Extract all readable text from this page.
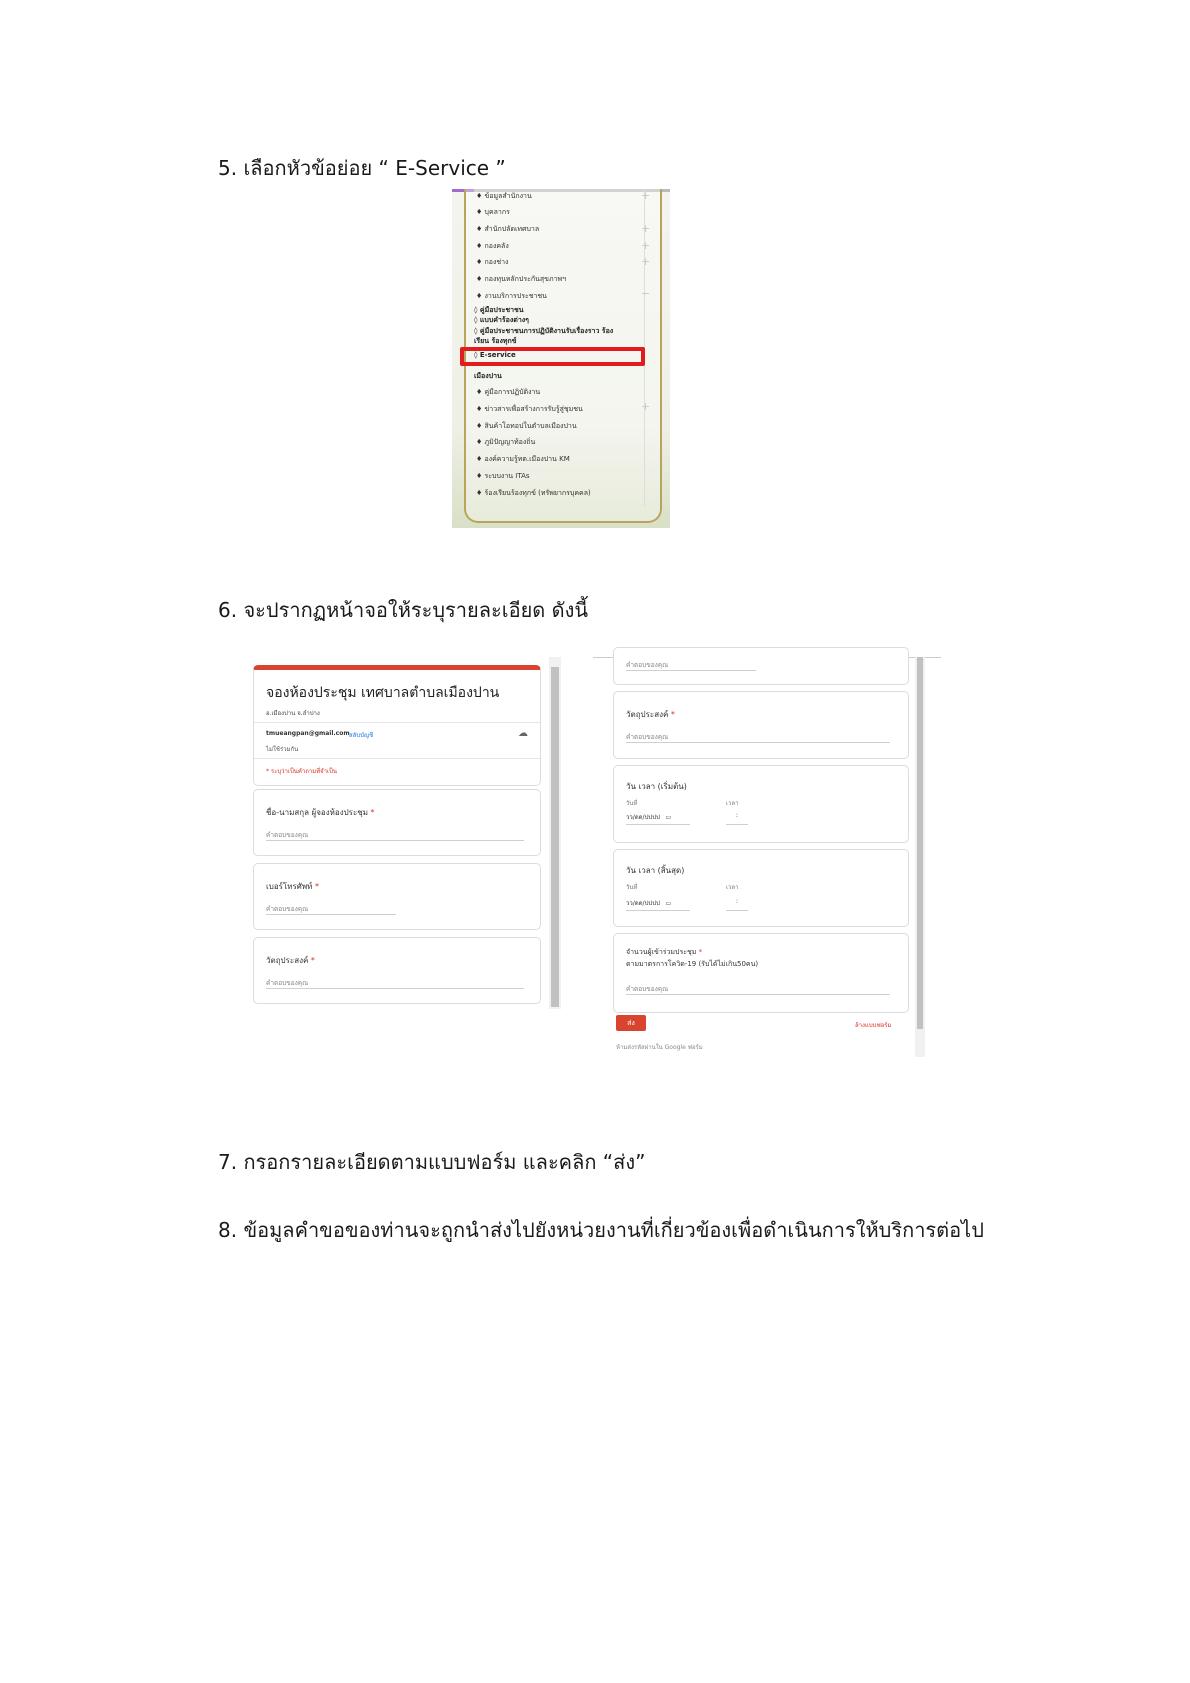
5. เลือกหัวข้อย่อย “ E-Service ”
6. จะปรากฏหน้าจอให้ระบุรายละเอียด ดังนี้
7. กรอกรายละเอียดตามแบบฟอร์ม และคลิก “ส่ง”
8. ข้อมูลคำขอของท่านจะถูกนำส่งไปยังหน่วยงานที่เกี่ยวข้องเพื่อดำเนินการให้บริการต่อไป
♦ ข้อมูลสำนักงาน
♦ บุคลากร
♦ สำนักปลัดเทศบาล
♦ กองคลัง
♦ กองช่าง
♦ กองทุนหลักประกันสุขภาพฯ
♦ งานบริการประชาชน
+
+
+
+
−
◊ คู่มือประชาชน
◊ แบบคำร้องต่างๆ
◊ คู่มือประชาชนการปฏิบัติงานรับเรื่องราว ร้อง
เรียน ร้องทุกข์
◊ E-service
เมืองปาน
♦ คู่มือการปฏิบัติงาน
♦ ข่าวสารเพื่อสร้างการรับรู้สู่ชุมชน	+
♦ สินค้าโอทอปในตำบลเมืองปาน
♦ ภูมิปัญญาท้องถิ่น
♦ องค์ความรู้ทต.เมืองปาน KM
♦ ระบบงาน ITAs
♦ ร้องเรียนร้องทุกข์ (ทรัพยากรบุคคล)
จองห้องประชุม เทศบาลตำบลเมืองปาน
อ.เมืองปาน จ.ลำปาง
tmueangpan@gmail.com สลับบัญชี	☁
ไม่ใช้ร่วมกัน
* ระบุว่าเป็นคำถามที่จำเป็น
ชื่อ-นามสกุล ผู้จองห้องประชุม *
คำตอบของคุณ
เบอร์โทรศัพท์ *
คำตอบของคุณ
วัตถุประสงค์ *
คำตอบของคุณ
คำตอบของคุณ
วัตถุประสงค์ *
คำตอบของคุณ
วัน เวลา (เริ่มต้น)
วันที่	เวลา
วว/ดด/ปปปป ▭	:
วัน เวลา (สิ้นสุด)
วันที่	เวลา
วว/ดด/ปปปป ▭	:
จำนวนผู้เข้าร่วมประชุม *
ตามมาตรการโควิด-19 (รับได้ไม่เกิน50คน)
คำตอบของคุณ
ส่ง	ล้างแบบฟอร์ม
ห้ามส่งรหัสผ่านใน Google ฟอร์ม
